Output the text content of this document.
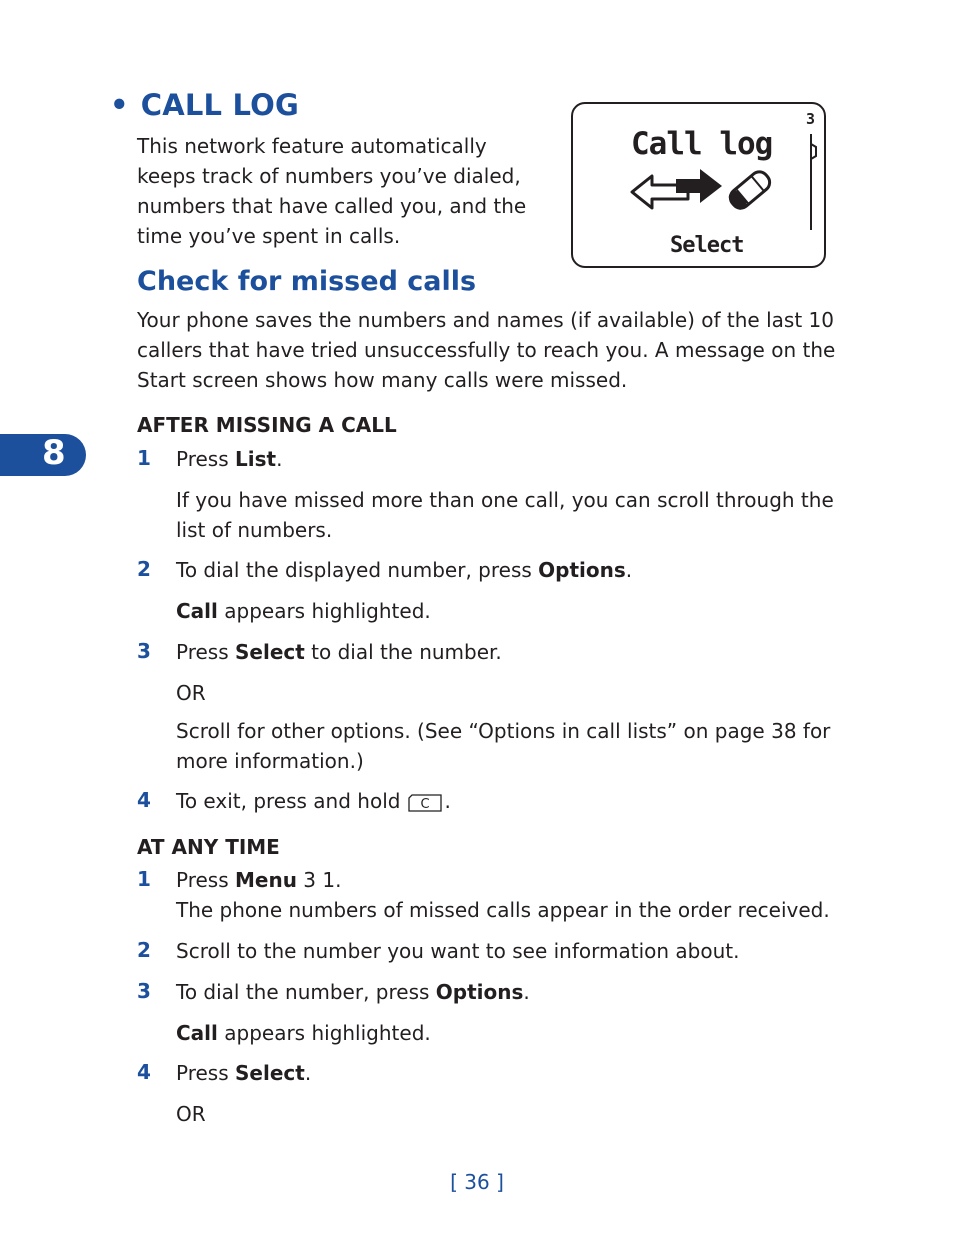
8
• CALL LOG
This network feature automatically keeps track of numbers you’ve dialed, numbers that have called you, and the time you’ve spent in calls.
3
Call log
Select
Check for missed calls
Your phone saves the numbers and names (if available) of the last 10 callers that have tried unsuccessfully to reach you. A message on the Start screen shows how many calls were missed.
AFTER MISSING A CALL
1 Press List.
If you have missed more than one call, you can scroll through the list of numbers.
2 To dial the displayed number, press Options.
Call appears highlighted.
3 Press Select to dial the number.
OR
Scroll for other options. (See “Options in call lists” on page 38 for more information.)
4 To exit, press and hold C .
AT ANY TIME
1 Press Menu 3 1.
The phone numbers of missed calls appear in the order received.
2 Scroll to the number you want to see information about.
3 To dial the number, press Options.
Call appears highlighted.
4 Press Select.
OR
[ 36 ]
